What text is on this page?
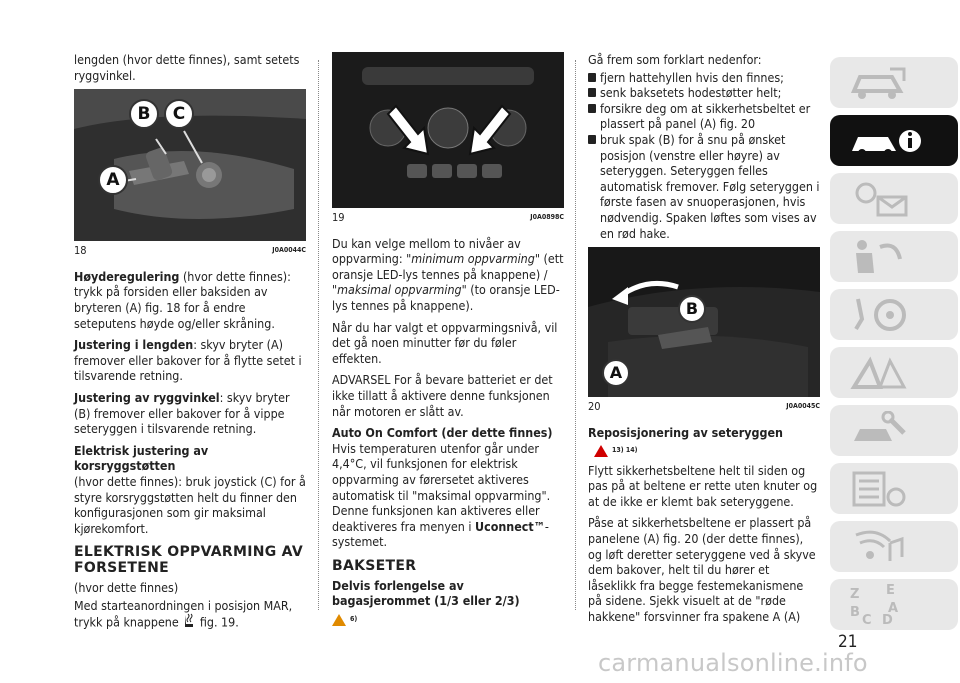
lengden (hvor dette finnes), samt setets ryggvinkel.

B	C
A
18	J0A0044C

Høyderegulering (hvor dette finnes): trykk på forsiden eller baksiden av bryteren (A) fig. 18 for å endre seteputens høyde og/eller skråning.

Justering i lengden: skyv bryter (A) fremover eller bakover for å flytte setet i tilsvarende retning.

Justering av ryggvinkel: skyv bryter (B) fremover eller bakover for å vippe seteryggen i tilsvarende retning.

Elektrisk justering av korsryggstøtten
(hvor dette finnes): bruk joystick (C) for å styre korsryggstøtten helt du finner den konfigurasjonen som gir maksimal kjørekomfort.

ELEKTRISK OPPVARMING AV FORSETENE

(hvor dette finnes)

Med starteanordningen i posisjon MAR, trykk på knappene  fig. 19.

19	J0A0898C

Du kan velge mellom to nivåer av oppvarming: "minimum oppvarming" (ett oransje LED-lys tennes på knappene) / "maksimal oppvarming" (to oransje LED-lys tennes på knappene).

Når du har valgt et oppvarmingsnivå, vil det gå noen minutter før du føler effekten.

ADVARSEL For å bevare batteriet er det ikke tillatt å aktivere denne funksjonen når motoren er slått av.

Auto On Comfort (der dette finnes)
Hvis temperaturen utenfor går under 4,4°C, vil funksjonen for elektrisk oppvarming av førersetet aktiveres automatisk til "maksimal oppvarming". Denne funksjonen kan aktiveres eller deaktiveres fra menyen i Uconnect™-systemet.

BAKSETER

Delvis forlengelse av bagasjerommet (1/3 eller 2/3)

6)

Gå frem som forklart nedenfor:

fjern hattehyllen hvis den finnes;
senk baksetets hodestøtter helt;
forsikre deg om at sikkerhetsbeltet er plassert på panel (A) fig. 20
bruk spak (B) for å snu på ønsket posisjon (venstre eller høyre) av seteryggen. Seteryggen felles automatisk fremover. Følg seteryggen i første fasen av snuoperasjonen, hvis nødvendig. Spaken løftes som vises av en rød hake.
B
A
20	J0A0045C

Reposisjonering av seteryggen

13) 14)

Flytt sikkerhetsbeltene helt til siden og pas på at beltene er rette uten knuter og at de ikke er klemt bak seteryggene.

Påse at sikkerhetsbeltene er plassert på panelene (A) fig. 20 (der dette finnes), og løft deretter seteryggene ved å skyve dem bakover, helt til du hører et låseklikk fra begge festemekanismene på sidene. Sjekk visuelt at de "røde hakkene" forsvinner fra spakene A (A)

Z E
B A
C D
21
carmanualsonline.info
